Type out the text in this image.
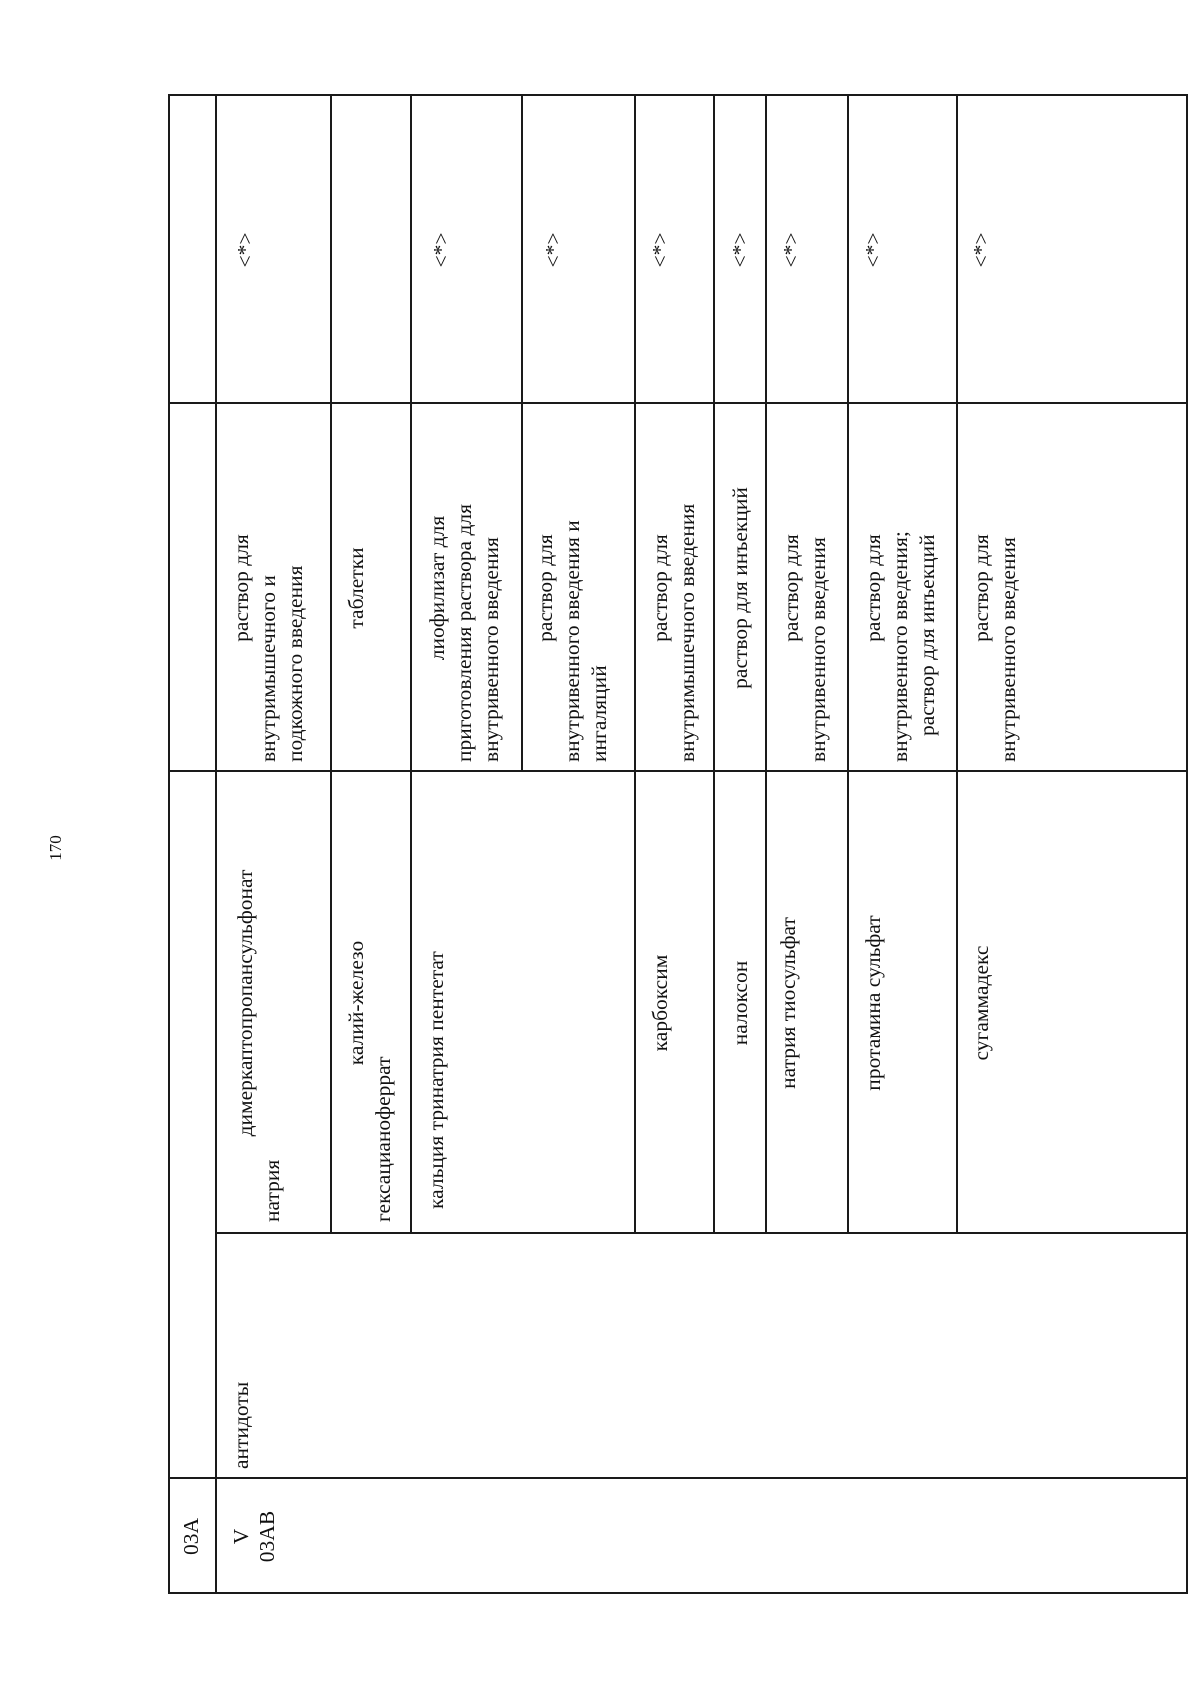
170
03А V 03АВ
антидоты
димеркаптопропансульфонат
натрия
раствор для внутримышечного и подкожного введения
<*>
калий-железо
гексацианоферрат
таблетки
кальция тринатрия пентетат
лиофилизат для приготовления раствора для внутривенного введения
<*>
раствор для внутривенного введения и ингаляций
<*>
карбоксим
раствор для внутримышечного введения
<*>
налоксон
раствор для инъекций
<*>
натрия тиосульфат
раствор для внутривенного введения
<*>
протамина сульфат
раствор для внутривенного введения; раствор для инъекций
<*>
сугаммадекс
раствор для внутривенного введения
<*>
